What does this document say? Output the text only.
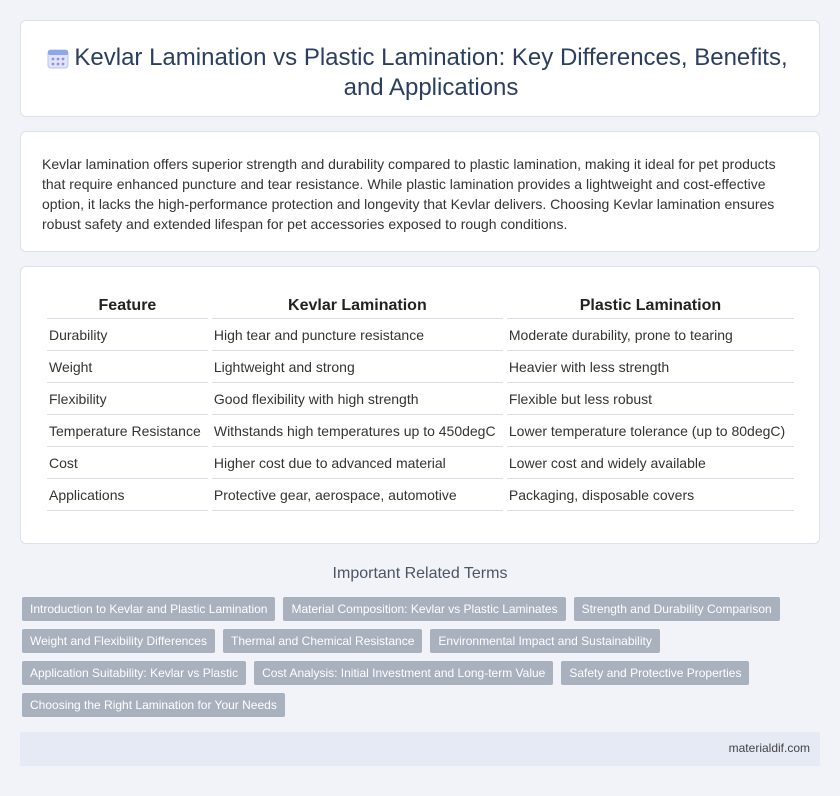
Kevlar Lamination vs Plastic Lamination: Key Differences, Benefits, and Applications

Kevlar lamination offers superior strength and durability compared to plastic lamination, making it ideal for pet products that require enhanced puncture and tear resistance. While plastic lamination provides a lightweight and cost-effective option, it lacks the high-performance protection and longevity that Kevlar delivers. Choosing Kevlar lamination ensures robust safety and extended lifespan for pet accessories exposed to rough conditions.

Feature	Kevlar Lamination	Plastic Lamination
Durability	High tear and puncture resistance	Moderate durability, prone to tearing
Weight	Lightweight and strong	Heavier with less strength
Flexibility	Good flexibility with high strength	Flexible but less robust
Temperature Resistance	Withstands high temperatures up to 450degC	Lower temperature tolerance (up to 80degC)
Cost	Higher cost due to advanced material	Lower cost and widely available
Applications	Protective gear, aerospace, automotive	Packaging, disposable covers
Important Related Terms
Introduction to Kevlar and Plastic Lamination	Material Composition: Kevlar vs Plastic Laminates	Strength and Durability Comparison
Weight and Flexibility Differences	Thermal and Chemical Resistance	Environmental Impact and Sustainability
Application Suitability: Kevlar vs Plastic	Cost Analysis: Initial Investment and Long-term Value	Safety and Protective Properties
Choosing the Right Lamination for Your Needs
materialdif.com
